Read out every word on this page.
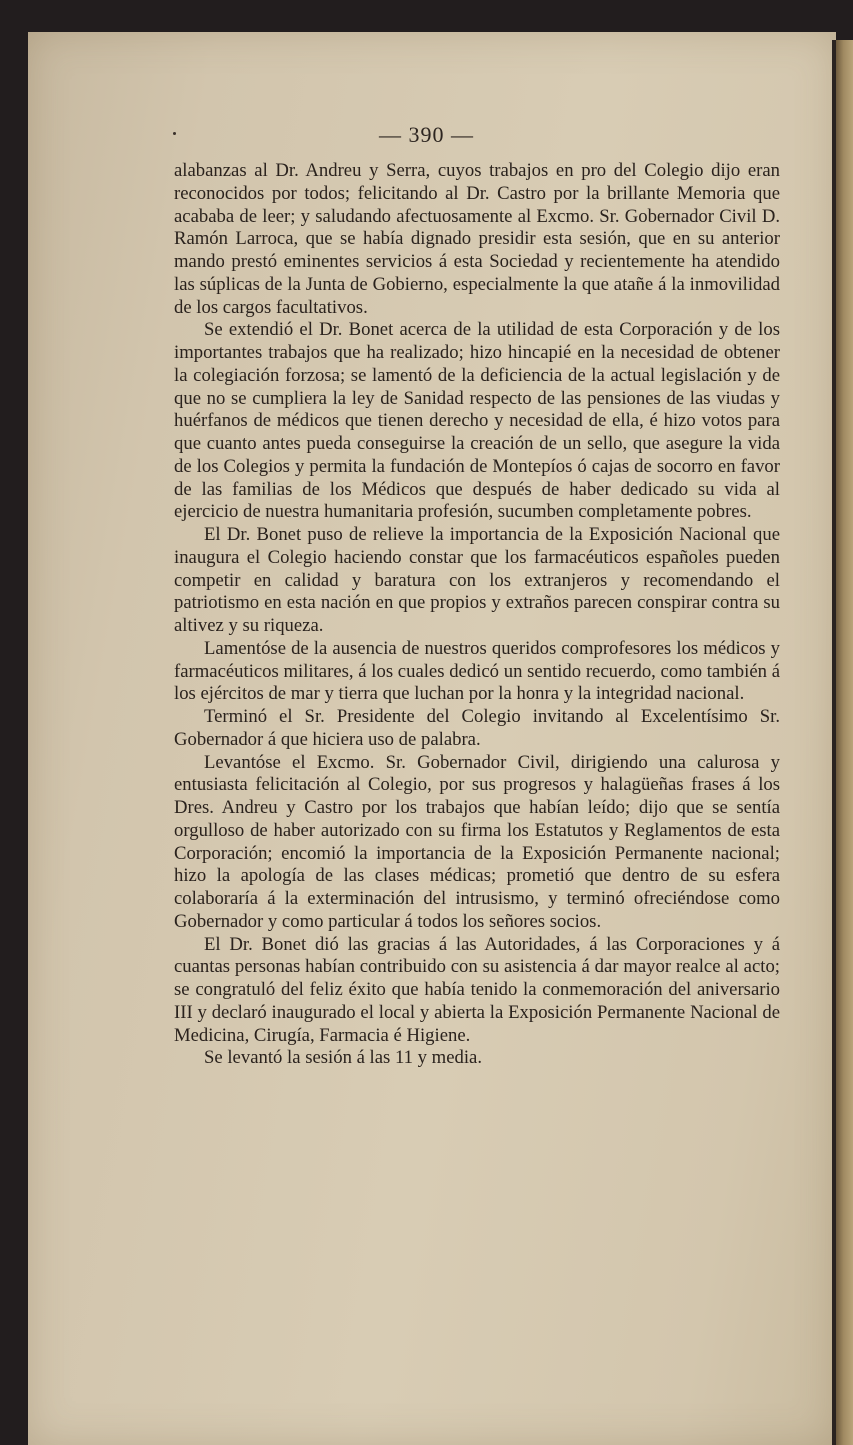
— 390 —

alabanzas al Dr. Andreu y Serra, cuyos trabajos en pro del Colegio dijo eran reconocidos por todos; felicitando al Dr. Castro por la brillante Memoria que acababa de leer; y saludando afectuosamente al Excmo. Sr. Gobernador Civil D. Ramón Larroca, que se había dignado presidir esta sesión, que en su anterior mando prestó eminentes servicios á esta Sociedad y recientemente ha atendido las súplicas de la Junta de Gobierno, especialmente la que atañe á la inmovilidad de los cargos facultativos.

Se extendió el Dr. Bonet acerca de la utilidad de esta Corporación y de los importantes trabajos que ha realizado; hizo hincapié en la necesidad de obtener la colegiación forzosa; se lamentó de la deficiencia de la actual legislación y de que no se cumpliera la ley de Sanidad respecto de las pensiones de las viudas y huérfanos de médicos que tienen derecho y necesidad de ella, é hizo votos para que cuanto antes pueda conseguirse la creación de un sello, que asegure la vida de los Colegios y permita la fundación de Montepíos ó cajas de socorro en favor de las familias de los Médicos que después de haber dedicado su vida al ejercicio de nuestra humanitaria profesión, sucumben completamente pobres.

El Dr. Bonet puso de relieve la importancia de la Exposición Nacional que inaugura el Colegio haciendo constar que los farmacéuticos españoles pueden competir en calidad y baratura con los extranjeros y recomendando el patriotismo en esta nación en que propios y extraños parecen conspirar contra su altivez y su riqueza.

Lamentóse de la ausencia de nuestros queridos comprofesores los médicos y farmacéuticos militares, á los cuales dedicó un sentido recuerdo, como también á los ejércitos de mar y tierra que luchan por la honra y la integridad nacional.

Terminó el Sr. Presidente del Colegio invitando al Excelentísimo Sr. Gobernador á que hiciera uso de palabra.

Levantóse el Excmo. Sr. Gobernador Civil, dirigiendo una calurosa y entusiasta felicitación al Colegio, por sus progresos y halagüeñas frases á los Dres. Andreu y Castro por los trabajos que habían leído; dijo que se sentía orgulloso de haber autorizado con su firma los Estatutos y Reglamentos de esta Corporación; encomió la importancia de la Exposición Permanente nacional; hizo la apología de las clases médicas; prometió que dentro de su esfera colaboraría á la exterminación del intrusismo, y terminó ofreciéndose como Gobernador y como particular á todos los señores socios.

El Dr. Bonet dió las gracias á las Autoridades, á las Corporaciones y á cuantas personas habían contribuido con su asistencia á dar mayor realce al acto; se congratuló del feliz éxito que había tenido la conmemoración del aniversario III y declaró inaugurado el local y abierta la Exposición Permanente Nacional de Medicina, Cirugía, Farmacia é Higiene.

Se levantó la sesión á las 11 y media.
